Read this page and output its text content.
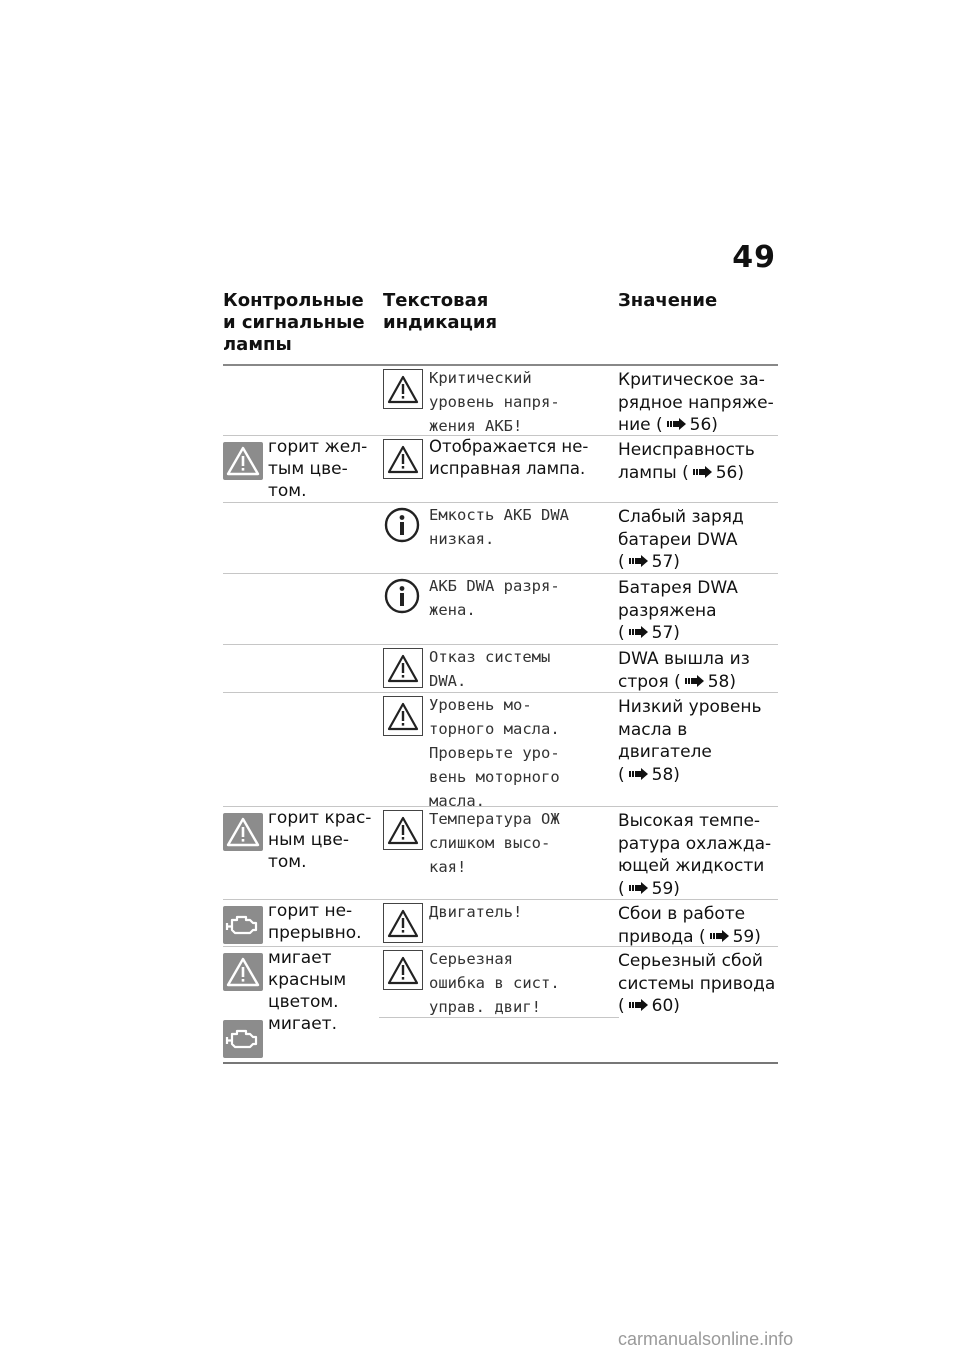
49
Контрольные
и сигнальные
лампы
Текстовая индикация
Значение
Критический
уровень напря-
жения АКБ!
Критическое за-
рядное напряже-
ние ( 56)
горит жел-
тым цве-
том.
Отображается не-
исправная лампа.
Неисправность
лампы ( 56)
Емкость АКБ DWA
низкая.
Слабый заряд
батареи DWA ( 57)
АКБ DWA разря-
жена.
Батарея DWA
разряжена ( 57)
Отказ системы
DWA.
DWA вышла из
строя ( 58)
Уровень мо-
торного масла.
Проверьте уро-
вень моторного
масла.
Низкий уровень
масла в двигателе ( 58)
горит крас-
ным цве-
том.
Температура ОЖ
слишком высо-
кая!
Высокая темпе-
ратура охлажда-
ющей жидкости ( 59)
горит не-
прерывно.
Двигатель!	Сбои в работе
привода ( 59)
мигает
красным
цветом.
мигает.
Серьезная
ошибка в сист.
управ. двиг!
Серьезный сбой
системы привода ( 60)
carmanualsonline.info
